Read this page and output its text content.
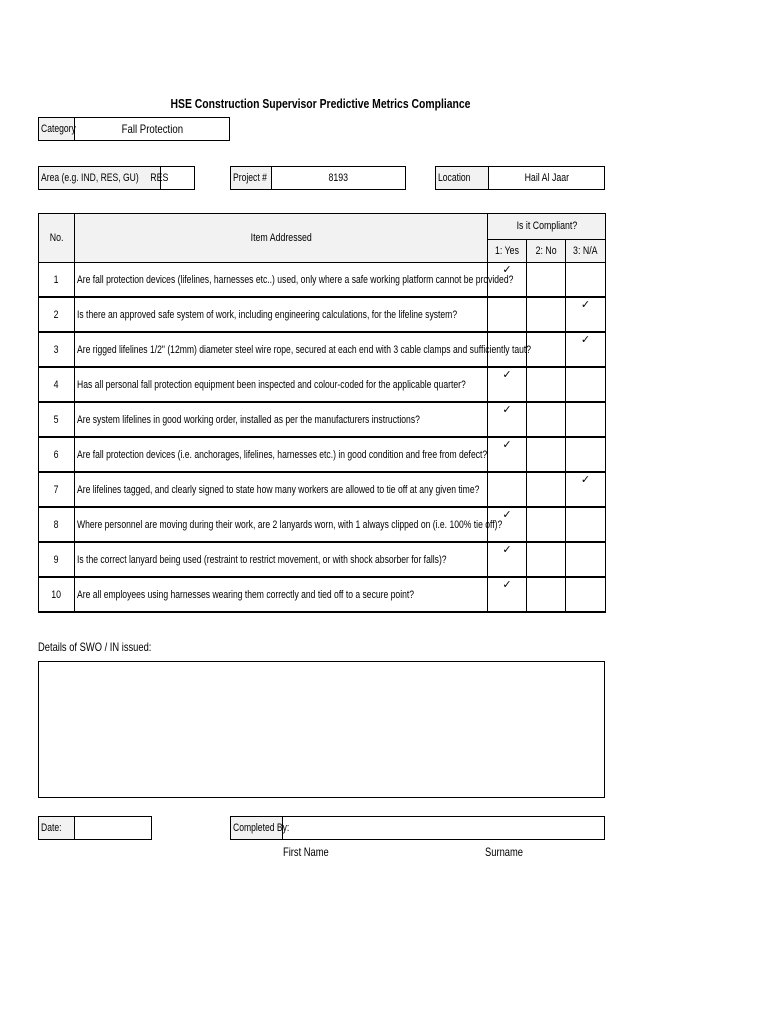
HSE Construction Supervisor Predictive Metrics Compliance
Category	Fall Protection
Area (e.g. IND, RES, GU)	RES	Project #	8193	Location	Hail Al Jaar
No.	Item Addressed	Is it Compliant?		
		1: Yes	2: No	3: N/A
1	Are fall protection devices (lifelines, harnesses etc..) used, only where a safe working platform cannot be provided?	✓		
2	Is there an approved safe system of work, including engineering calculations, for the lifeline system?			✓
3	Are rigged lifelines 1/2" (12mm) diameter steel wire rope, secured at each end with 3 cable clamps and sufficiently taut?			✓
4	Has all personal fall protection equipment been inspected and colour-coded for the applicable quarter?	✓		
5	Are system lifelines in good working order, installed as per the manufacturers instructions?	✓		
6	Are fall protection devices (i.e. anchorages, lifelines, harnesses etc.) in good condition and free from defect?	✓		
7	Are lifelines tagged, and clearly signed to state how many workers are allowed to tie off at any given time?			✓
8	Where personnel are moving during their work, are 2 lanyards worn, with 1 always clipped on (i.e. 100% tie off)?	✓		
9	Is the correct lanyard being used (restraint to restrict movement, or with shock absorber for falls)?	✓		
10	Are all employees using harnesses wearing them correctly and tied off to a secure point?	✓		
Details of SWO / IN issued:
Date:	Completed By:
First Name	Surname
